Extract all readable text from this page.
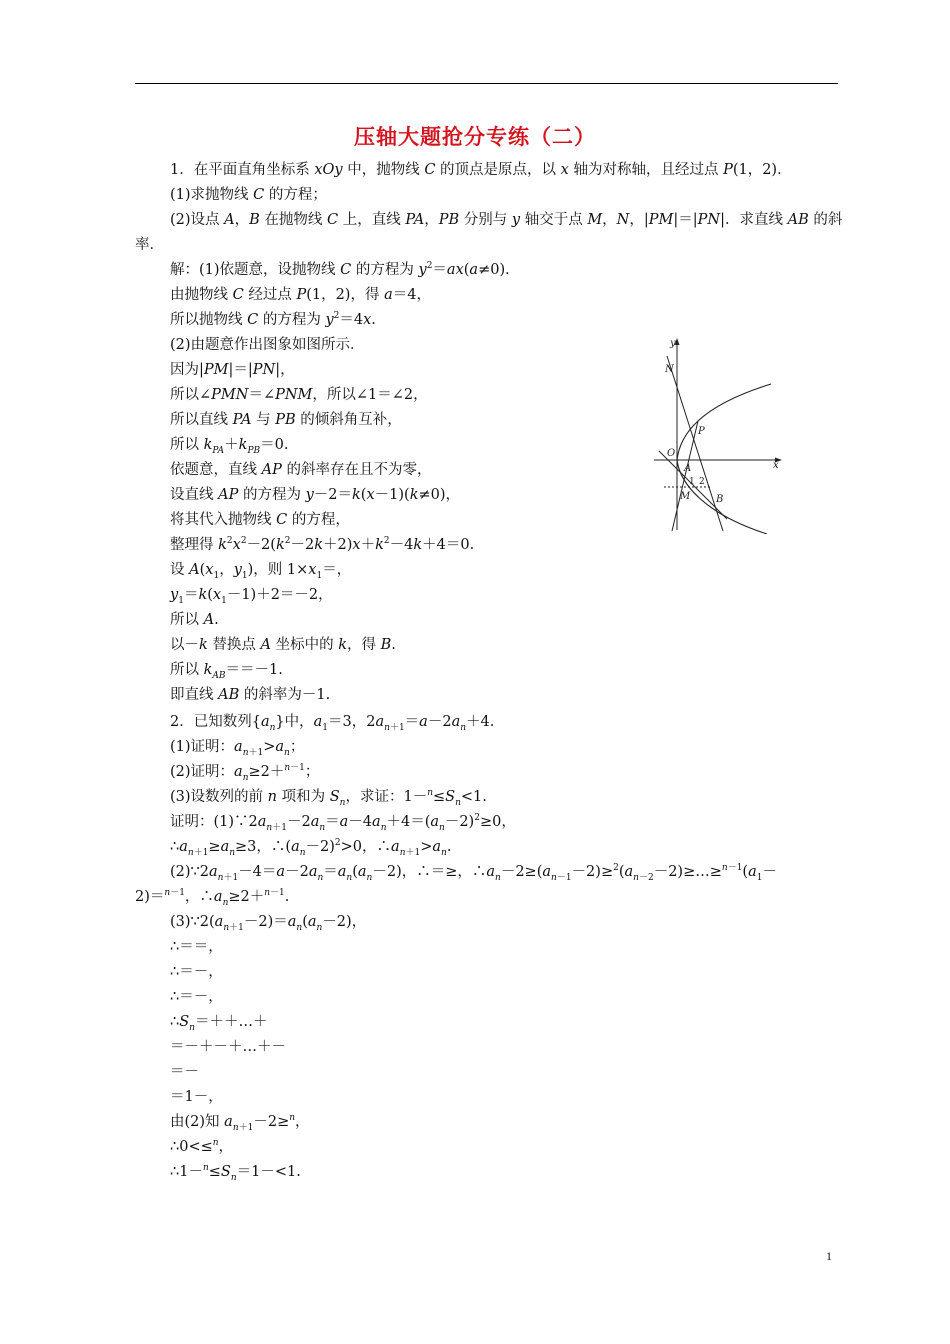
压轴大题抢分专练（二）
1．在平面直角坐标系 xOy 中，抛物线 C 的顶点是原点，以 x 轴为对称轴，且经过点 P(1，2)．
(1)求抛物线 C 的方程；
(2)设点 A，B 在抛物线 C 上，直线 PA，PB 分别与 y 轴交于点 M，N，|PM|＝|PN|．求直线 AB 的斜
率．
解：(1)依题意，设抛物线 C 的方程为 $y^2=ax(a\ne 0)$．
由抛物线 C 经过点 P(1，2)，得 a＝4，
所以抛物线 C 的方程为 $y^2=4x$.
(2)由题意作出图象如图所示．
因为|PM|＝|PN|，
所以∠PMN＝∠PNM，所以∠1＝∠2，
所以直线 PA 与 PB 的倾斜角互补，
所以 $k_{PA}+k_{PB}=0$.
依题意，直线 AP 的斜率存在且不为零，
设直线 AP 的方程为 y－2＝k(x－1)(k≠0)，
将其代入抛物线 C 的方程，
整理得 $k^2x^2-2(k^2-2k+2)x+k^2-4k+4=0$.
设 $A(x_1$，$y_1$)，则 $1\times x_1=$，
$y_1=k(x_1-1)+2=-2$，
所以 A.
以－k 替换点 A 坐标中的 k，得 B.
所以 $k_{AB}==-1$.
即直线 AB 的斜率为－1.
2．已知数列$\{a_n\}$中，$a_1=3$，$2a_{n+1}=a-2a_n+4$.
(1)证明：$a_{n+1}>a_n$；
(2)证明：$a_n\ge 2+^{n-1}$；
(3)设数列的前 n 项和为 $S_n$，求证：$1-^n\le S_n<1$.
证明：$(1)\because 2a_{n+1}-2a_n=a-4a_n+4=(a_n-2)^2\ge 0$，
$\therefore a_{n+1}\ge a_n\ge 3$，$\therefore(a_n-2)^2>0$，$\therefore a_{n+1}>a_n$.
$(2)\because 2a_{n+1}-4=a-2a_n=a_n(a_n-2)$，∴＝≥，$\therefore a_n-2\ge(a_{n-1}-2)\ge^2(a_{n-2}-2)\ge\dots\ge^{n-1}(a_1-$
2)＝$^{n-1}$，$\therefore a_n\ge 2+^{n-1}$.
$(3)\because 2(a_{n+1}-2)=a_n(a_n-2)$，
∴＝＝，
∴＝－，
∴＝－，
$\therefore S_n=++\dots+$
＝－＋－＋…＋－
＝－
＝1－，
由(2)知 $a_{n+1}-2\ge^n$，
∴0<≤$^n$，
$\therefore 1-^n\le S_n=1-<1$.
y
x
N
O
P
A
1 2
M	B
1
